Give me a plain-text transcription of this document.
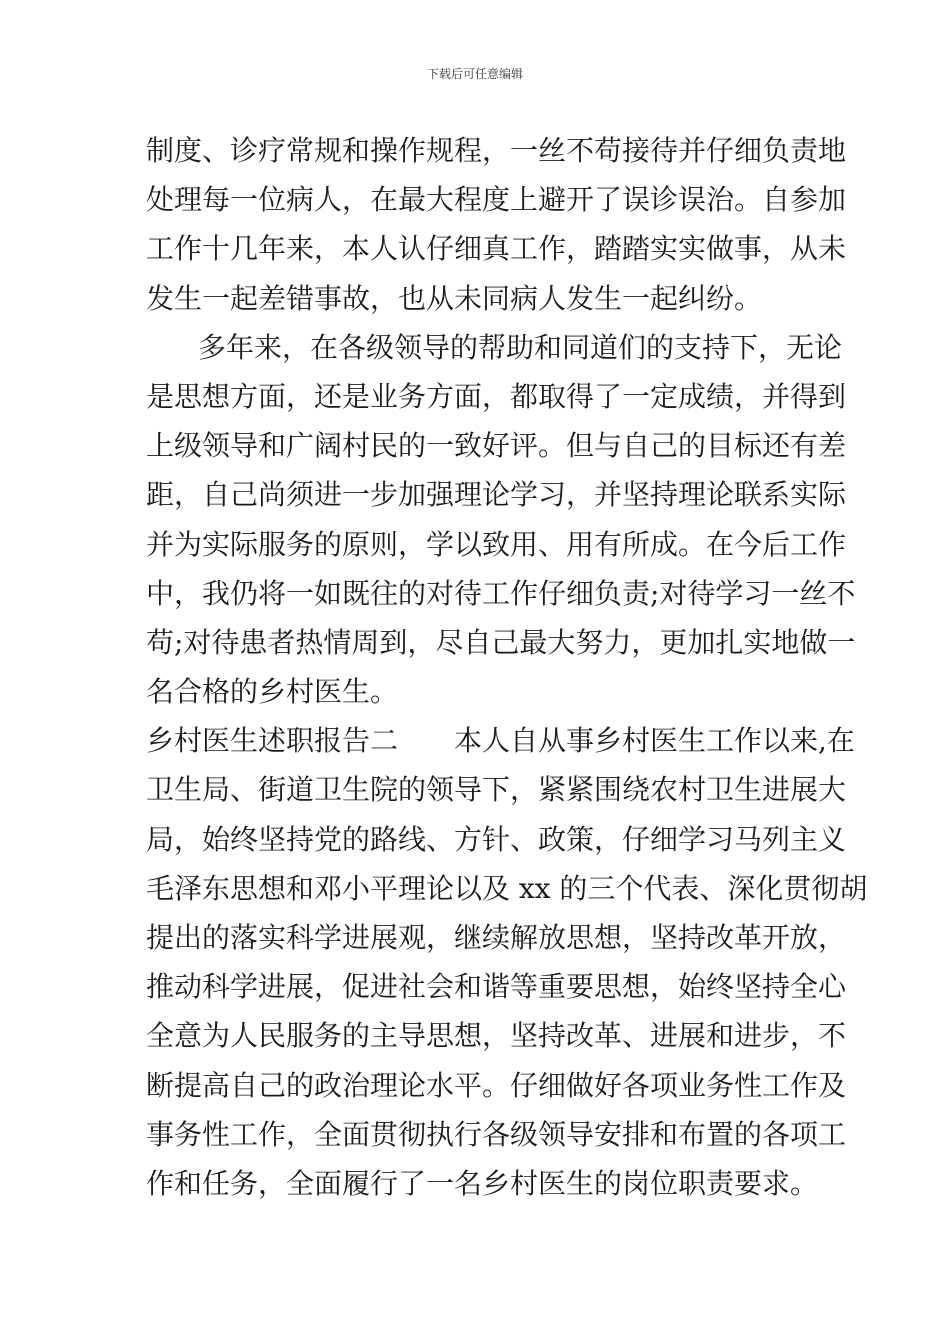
下载后可任意编辑
制度、诊疗常规和操作规程，一丝不苟接待并仔细负责地
处理每一位病人，在最大程度上避开了误诊误治。自参加
工作十几年来，本人认仔细真工作，踏踏实实做事，从未
发生一起差错事故，也从未同病人发生一起纠纷。
多年来，在各级领导的帮助和同道们的支持下，无论
是思想方面，还是业务方面，都取得了一定成绩，并得到
上级领导和广阔村民的一致好评。但与自己的目标还有差
距，自己尚须进一步加强理论学习，并坚持理论联系实际
并为实际服务的原则，学以致用、用有所成。在今后工作
中，我仍将一如既往的对待工作仔细负责;对待学习一丝不
苟;对待患者热情周到，尽自己最大努力，更加扎实地做一
名合格的乡村医生。
乡村医生述职报告二　　本人自从事乡村医生工作以来,在
卫生局、街道卫生院的领导下，紧紧围绕农村卫生进展大
局，始终坚持党的路线、方针、政策，仔细学习马列主义
毛泽东思想和邓小平理论以及 xx 的三个代表、深化贯彻胡
提出的落实科学进展观，继续解放思想，坚持改革开放，
推动科学进展，促进社会和谐等重要思想，始终坚持全心
全意为人民服务的主导思想，坚持改革、进展和进步，不
断提高自己的政治理论水平。仔细做好各项业务性工作及
事务性工作，全面贯彻执行各级领导安排和布置的各项工
作和任务，全面履行了一名乡村医生的岗位职责要求。
